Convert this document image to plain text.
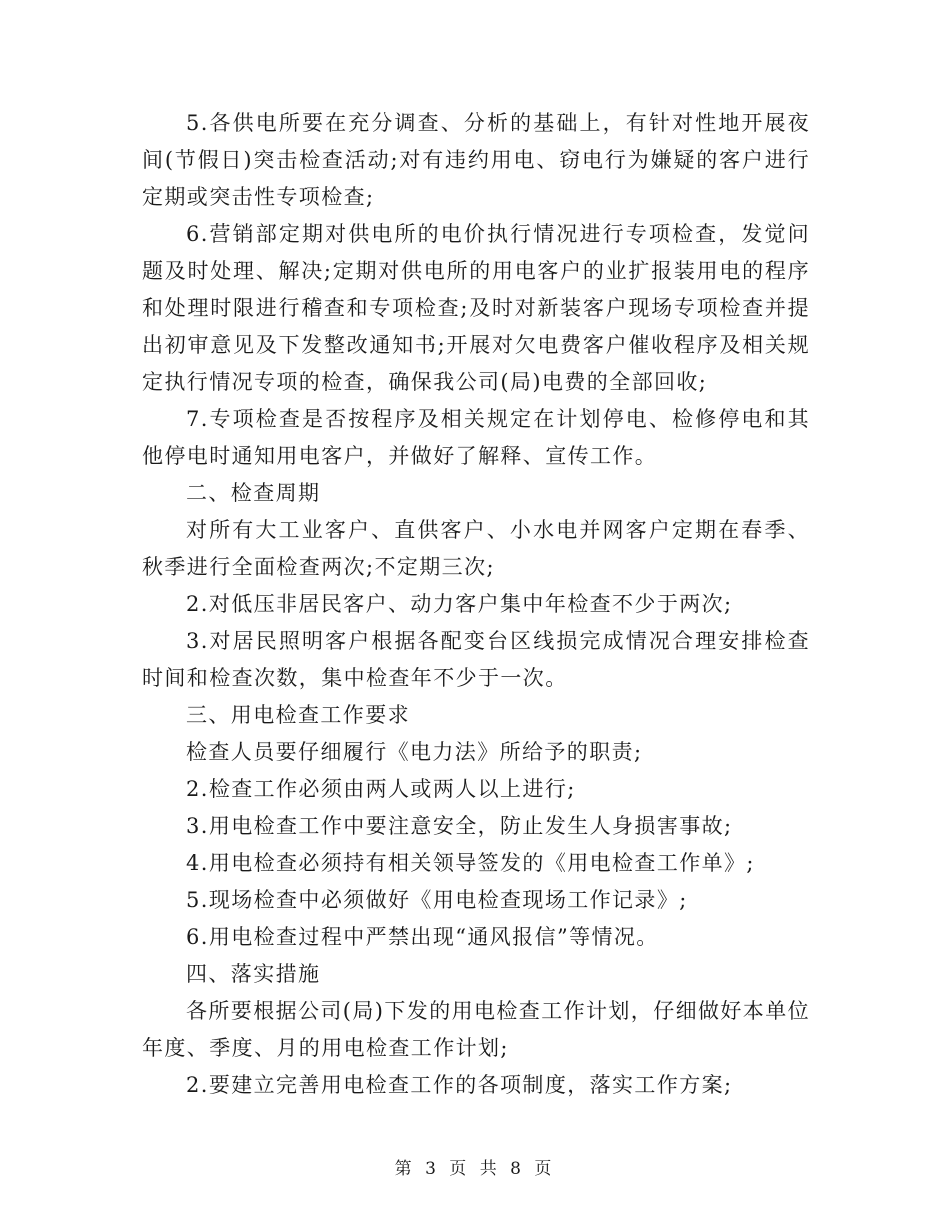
5.各供电所要在充分调查、分析的基础上，有针对性地开展夜间(节假日)突击检查活动;对有违约用电、窃电行为嫌疑的客户进行定期或突击性专项检查;

6.营销部定期对供电所的电价执行情况进行专项检查，发觉问题及时处理、解决;定期对供电所的用电客户的业扩报装用电的程序和处理时限进行稽查和专项检查;及时对新装客户现场专项检查并提出初审意见及下发整改通知书;开展对欠电费客户催收程序及相关规定执行情况专项的检查，确保我公司(局)电费的全部回收;

7.专项检查是否按程序及相关规定在计划停电、检修停电和其他停电时通知用电客户，并做好了解释、宣传工作。

二、检查周期

对所有大工业客户、直供客户、小水电并网客户定期在春季、秋季进行全面检查两次;不定期三次;

2.对低压非居民客户、动力客户集中年检查不少于两次;

3.对居民照明客户根据各配变台区线损完成情况合理安排检查时间和检查次数，集中检查年不少于一次。

三、用电检查工作要求

检查人员要仔细履行《电力法》所给予的职责;

2.检查工作必须由两人或两人以上进行;

3.用电检查工作中要注意安全，防止发生人身损害事故;

4.用电检查必须持有相关领导签发的《用电检查工作单》;

5.现场检查中必须做好《用电检查现场工作记录》;

6.用电检查过程中严禁出现“通风报信”等情况。

四、落实措施

各所要根据公司(局)下发的用电检查工作计划，仔细做好本单位年度、季度、月的用电检查工作计划;

2.要建立完善用电检查工作的各项制度，落实工作方案;

第 3 页 共 8 页
